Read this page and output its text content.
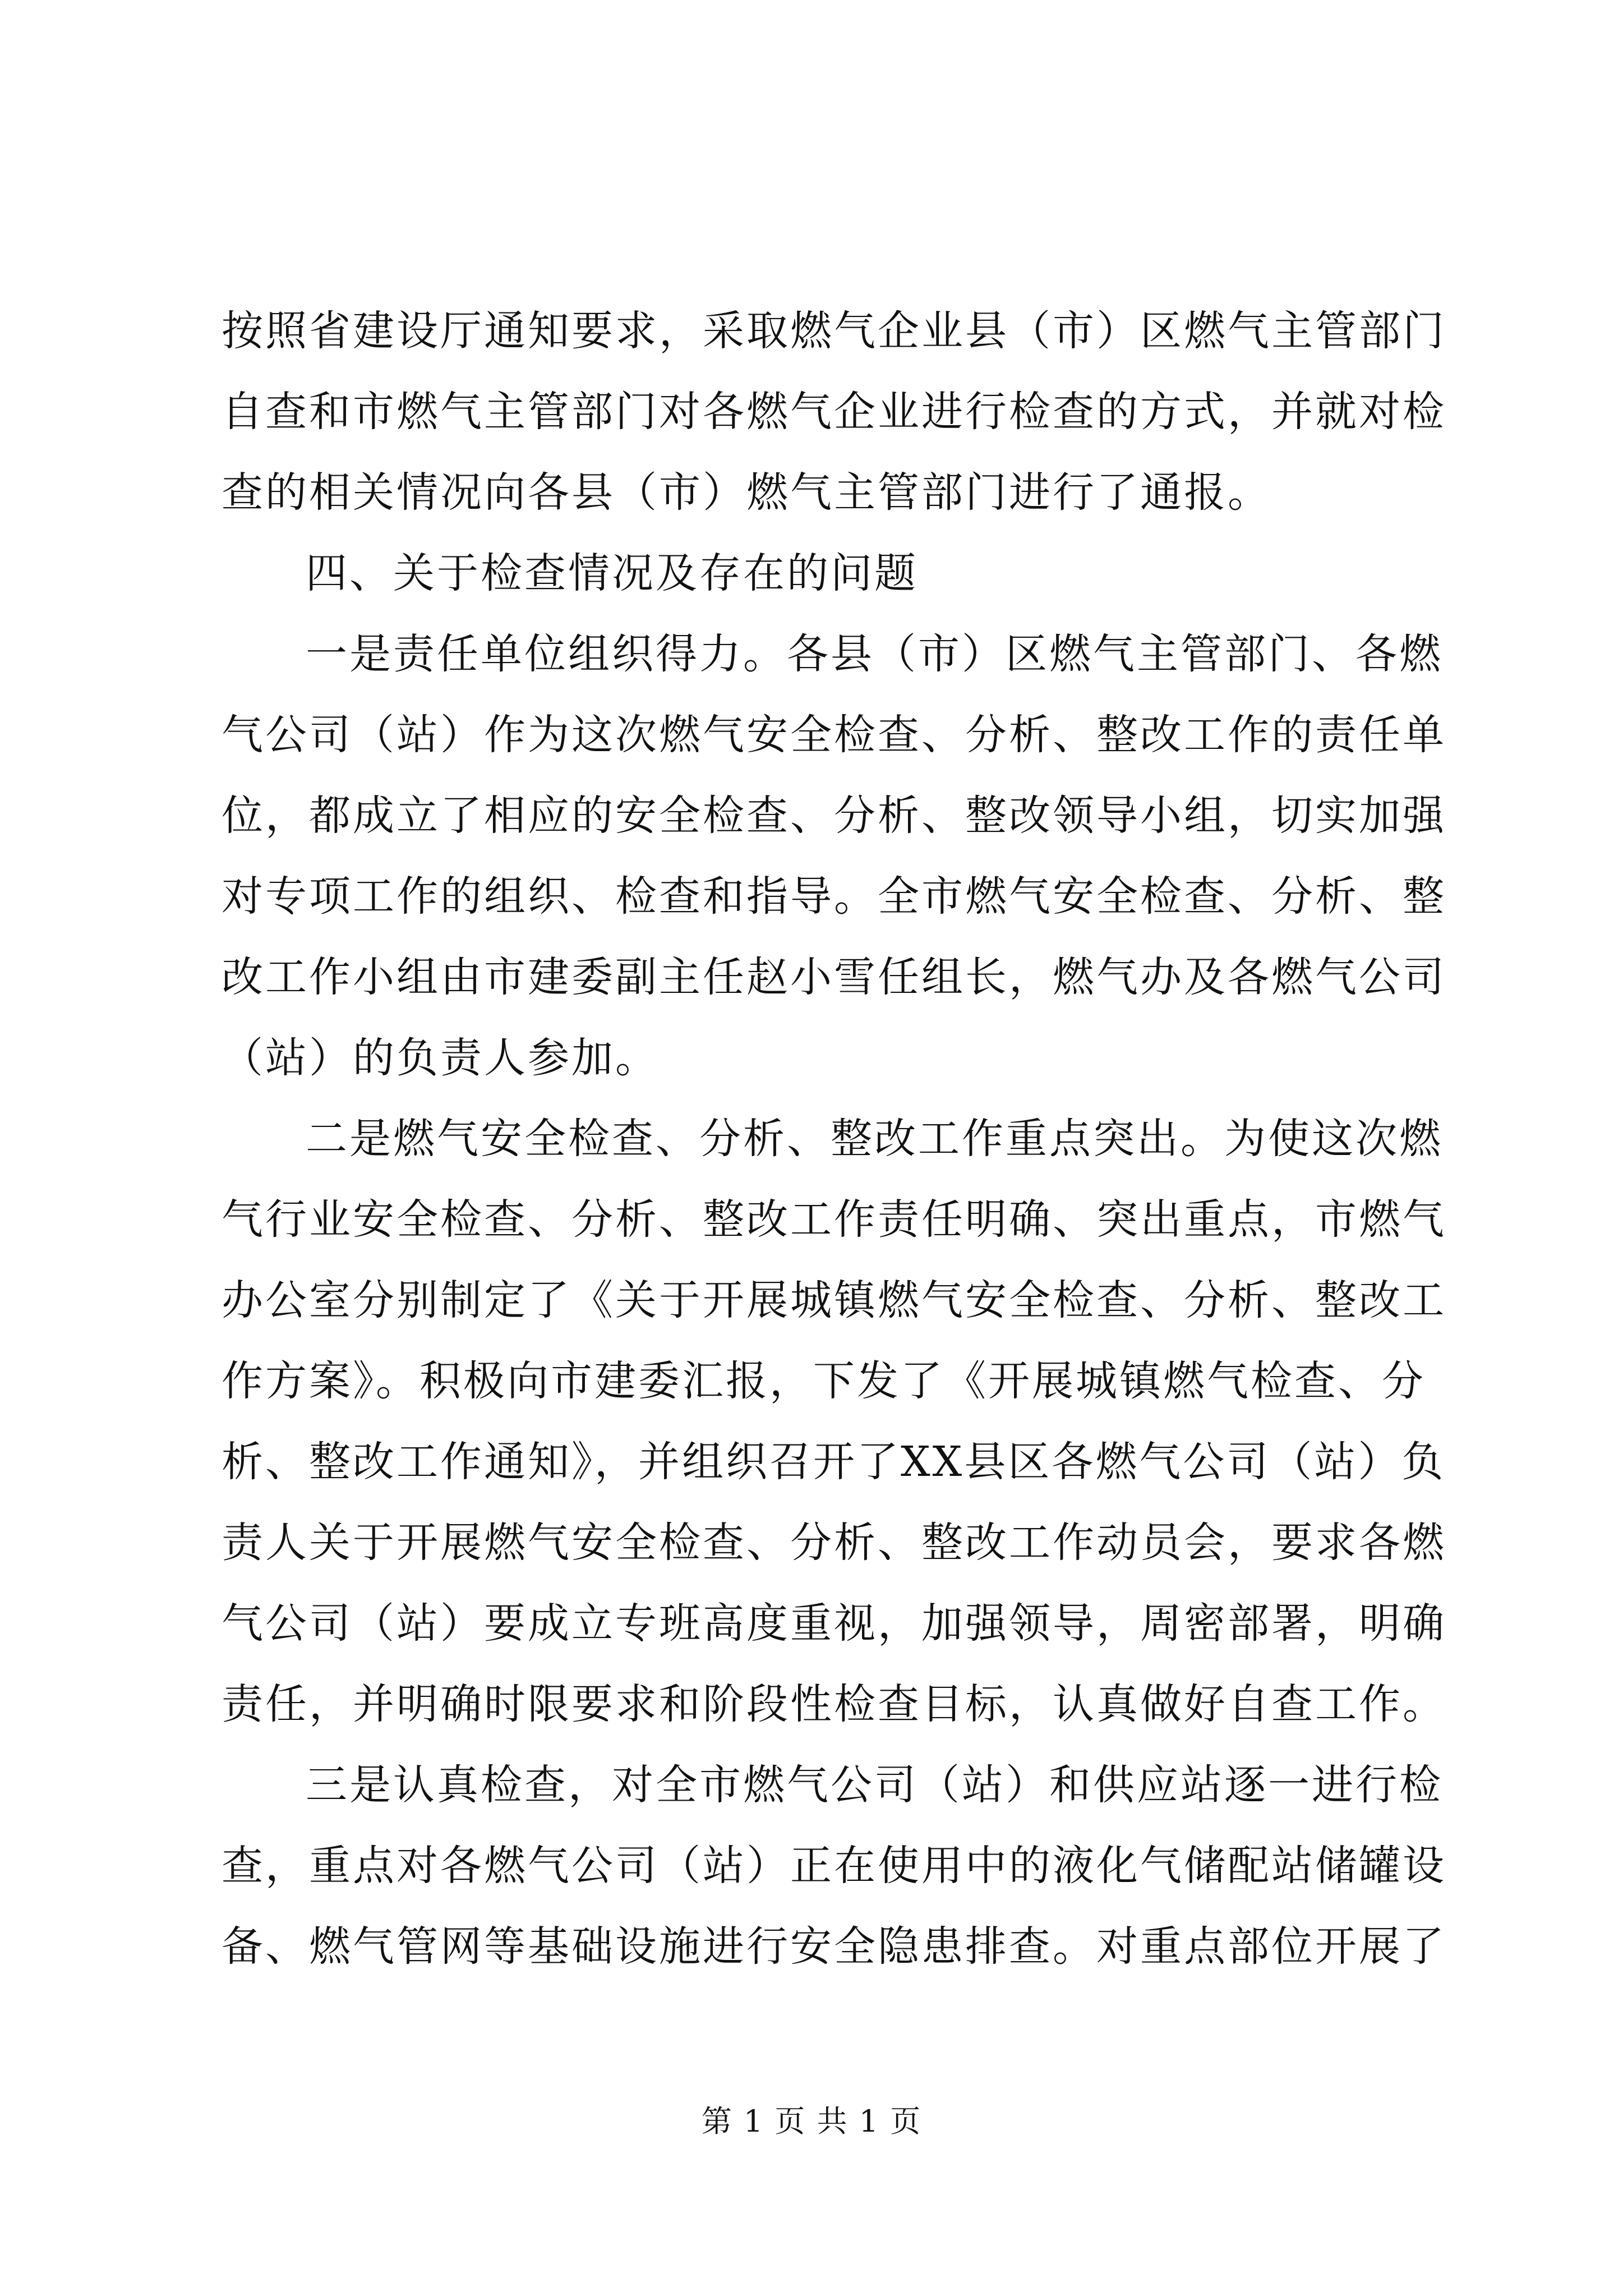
按照省建设厅通知要求，采取燃气企业县（市）区燃气主管部门
自查和市燃气主管部门对各燃气企业进行检查的方式，并就对检
查的相关情况向各县（市）燃气主管部门进行了通报。
四、关于检查情况及存在的问题
一是责任单位组织得力。各县（市）区燃气主管部门、各燃
气公司（站）作为这次燃气安全检查、分析、整改工作的责任单
位，都成立了相应的安全检查、分析、整改领导小组，切实加强
对专项工作的组织、检查和指导。全市燃气安全检查、分析、整
改工作小组由市建委副主任赵小雪任组长，燃气办及各燃气公司
（站）的负责人参加。
二是燃气安全检查、分析、整改工作重点突出。为使这次燃
气行业安全检查、分析、整改工作责任明确、突出重点，市燃气
办公室分别制定了《关于开展城镇燃气安全检查、分析、整改工
作方案》。积极向市建委汇报，下发了《开展城镇燃气检查、分
析、整改工作通知》，并组织召开了XX县区各燃气公司（站）负
责人关于开展燃气安全检查、分析、整改工作动员会，要求各燃
气公司（站）要成立专班高度重视，加强领导，周密部署，明确
责任，并明确时限要求和阶段性检查目标，认真做好自查工作。
三是认真检查，对全市燃气公司（站）和供应站逐一进行检
查，重点对各燃气公司（站）正在使用中的液化气储配站储罐设
备、燃气管网等基础设施进行安全隐患排查。对重点部位开展了
第 1 页 共 1 页
